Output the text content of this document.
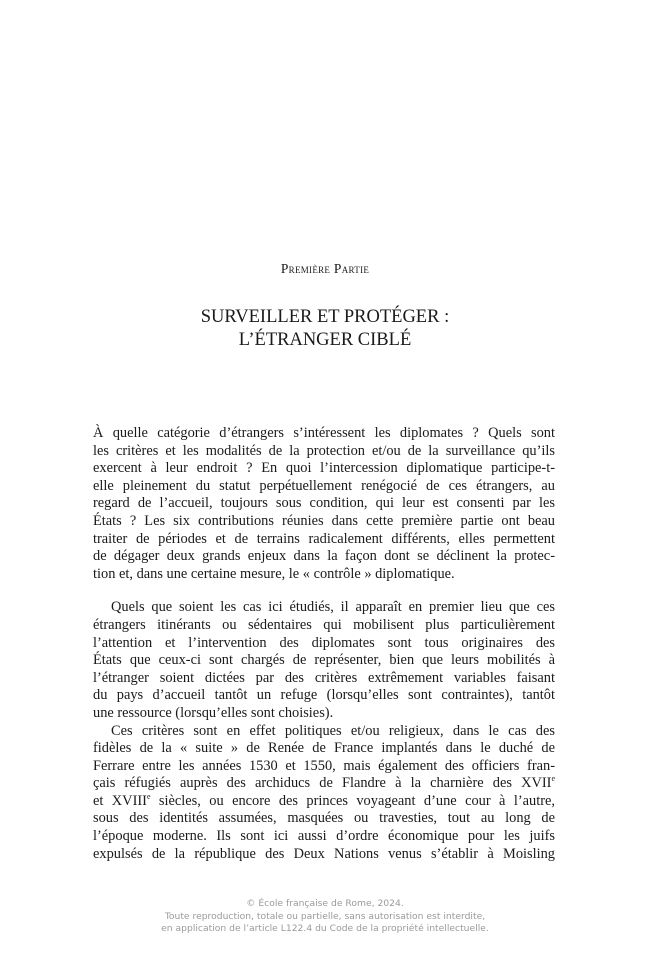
Première Partie
SURVEILLER ET PROTÉGER :
L’ÉTRANGER CIBLÉ
À quelle catégorie d’étrangers s’intéressent les diplomates ? Quels sont
les critères et les modalités de la protection et/ou de la surveillance qu’ils
exercent à leur endroit ? En quoi l’intercession diplomatique participe-t-
elle pleinement du statut perpétuellement renégocié de ces étrangers, au
regard de l’accueil, toujours sous condition, qui leur est consenti par les
États ? Les six contributions réunies dans cette première partie ont beau
traiter de périodes et de terrains radicalement différents, elles permettent
de dégager deux grands enjeux dans la façon dont se déclinent la protec-
tion et, dans une certaine mesure, le « contrôle » diplomatique.
Quels que soient les cas ici étudiés, il apparaît en premier lieu que ces
étrangers itinérants ou sédentaires qui mobilisent plus particulièrement
l’attention et l’intervention des diplomates sont tous originaires des
États que ceux-ci sont chargés de représenter, bien que leurs mobilités à
l’étranger soient dictées par des critères extrêmement variables faisant
du pays d’accueil tantôt un refuge (lorsqu’elles sont contraintes), tantôt
une ressource (lorsqu’elles sont choisies).
Ces critères sont en effet politiques et/ou religieux, dans le cas des
fidèles de la « suite » de Renée de France implantés dans le duché de
Ferrare entre les années 1530 et 1550, mais également des officiers fran-
çais réfugiés auprès des archiducs de Flandre à la charnière des XVIIe
et XVIIIe siècles, ou encore des princes voyageant d’une cour à l’autre,
sous des identités assumées, masquées ou travesties, tout au long de
l’époque moderne. Ils sont ici aussi d’ordre économique pour les juifs
expulsés de la république des Deux Nations venus s’établir à Moisling
© École française de Rome, 2024.
Toute reproduction, totale ou partielle, sans autorisation est interdite,
en application de l’article L122.4 du Code de la propriété intellectuelle.
